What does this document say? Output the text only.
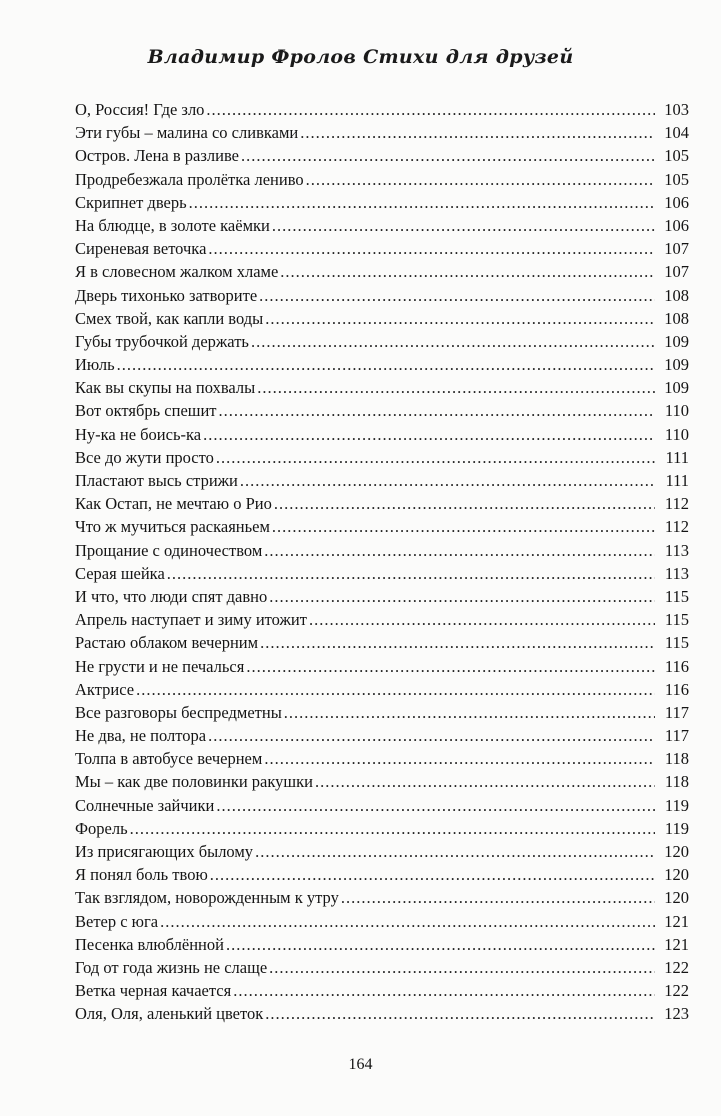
Владимир Фролов Стихи для друзей
О, Россия! Где зло .....	103
Эти губы – малина со сливками .....	104
Остров. Лена в разливе .....	105
Продребезжала пролётка лениво .....	105
Скрипнет дверь .....	106
На блюдце, в золоте каёмки .....	106
Сиреневая веточка .....	107
Я в словесном жалком хламе .....	107
Дверь тихонько затворите .....	108
Смех твой, как капли воды .....	108
Губы трубочкой держать .....	109
Июль .....	109
Как вы скупы на похвалы .....	109
Вот октябрь спешит .....	110
Ну-ка не боись-ка .....	110
Все до жути просто .....	111
Пластают высь стрижи .....	111
Как Остап, не мечтаю о Рио .....	112
Что ж мучиться раскаяньем .....	112
Прощание с одиночеством .....	113
Серая шейка .....	113
И что, что люди спят давно .....	115
Апрель наступает и зиму итожит .....	115
Растаю облаком вечерним .....	115
Не грусти и не печалься .....	116
Актрисе .....	116
Все разговоры беспредметны .....	117
Не два, не полтора .....	117
Толпа в автобусе вечернем .....	118
Мы – как две половинки ракушки .....	118
Солнечные зайчики .....	119
Форель .....	119
Из присягающих былому .....	120
Я понял боль твою .....	120
Так взглядом, новорожденным к утру .....	120
Ветер с юга .....	121
Песенка влюблённой .....	121
Год от года жизнь не слаще .....	122
Ветка черная качается .....	122
Оля, Оля, аленький цветок .....	123
164
